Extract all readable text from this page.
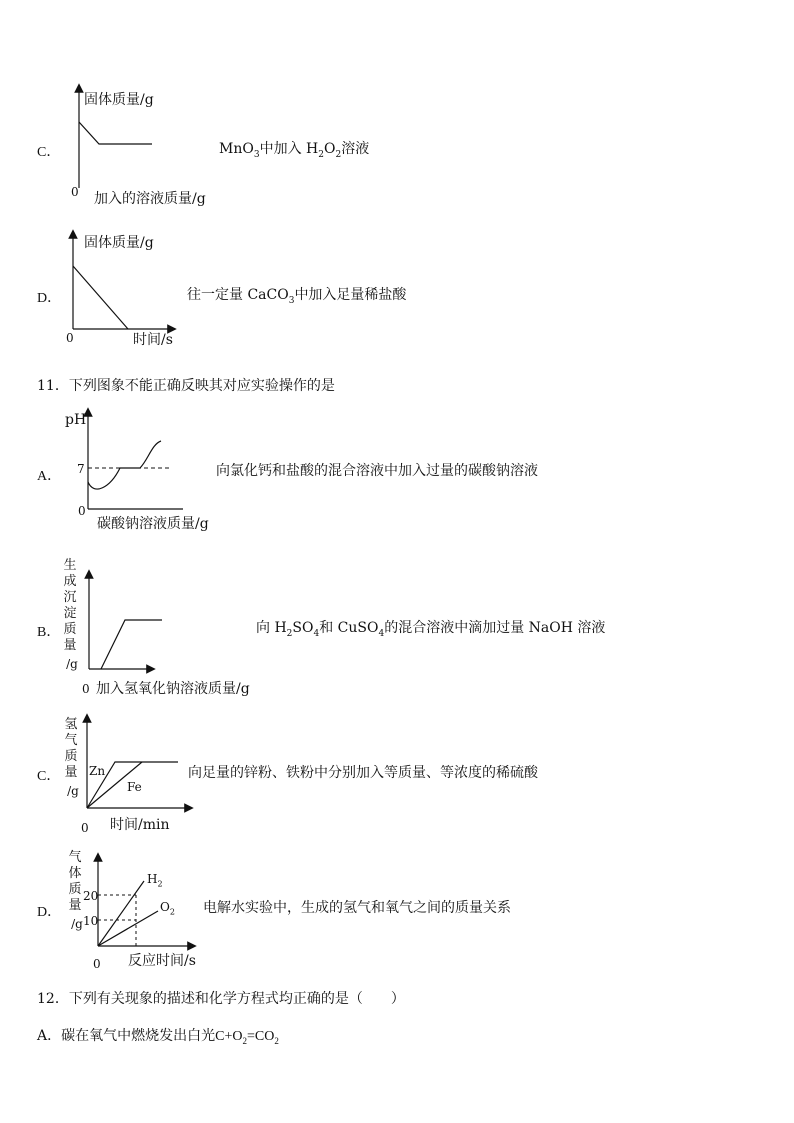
C．
固体质量/g
0 加入的溶液质量/g
MnO$_3$中加入 $H_2O_2$溶液
D．
固体质量/g
0	时间/s
往一定量 CaCO$_3$中加入足量稀盐酸
11．下列图象不能正确反映其对应实验操作的是
A．
pH
7
0
碳酸钠溶液质量/g
向氯化钙和盐酸的混合溶液中加入过量的碳酸钠溶液
B．
生
成
沉
淀
质
量
/g
0 加入氢氧化钠溶液质量/g
向 $H_2SO_4$和 CuSO$_4$的混合溶液中滴加过量 NaOH 溶液
C．
氢
气
质
量
/g
Zn
Fe
0 时间/min
向足量的锌粉、铁粉中分别加入等质量、等浓度的稀硫酸
D．
气
体
质
量
/g
20
10
0 反应时间/s
$H_2$
$O_2$ 电解水实验中，生成的氢气和氧气之间的质量关系
12．下列有关现象的描述和化学方程式均正确的是（　　）
A．碳在氧气中燃烧发出白光$C+O_2=CO_2$
